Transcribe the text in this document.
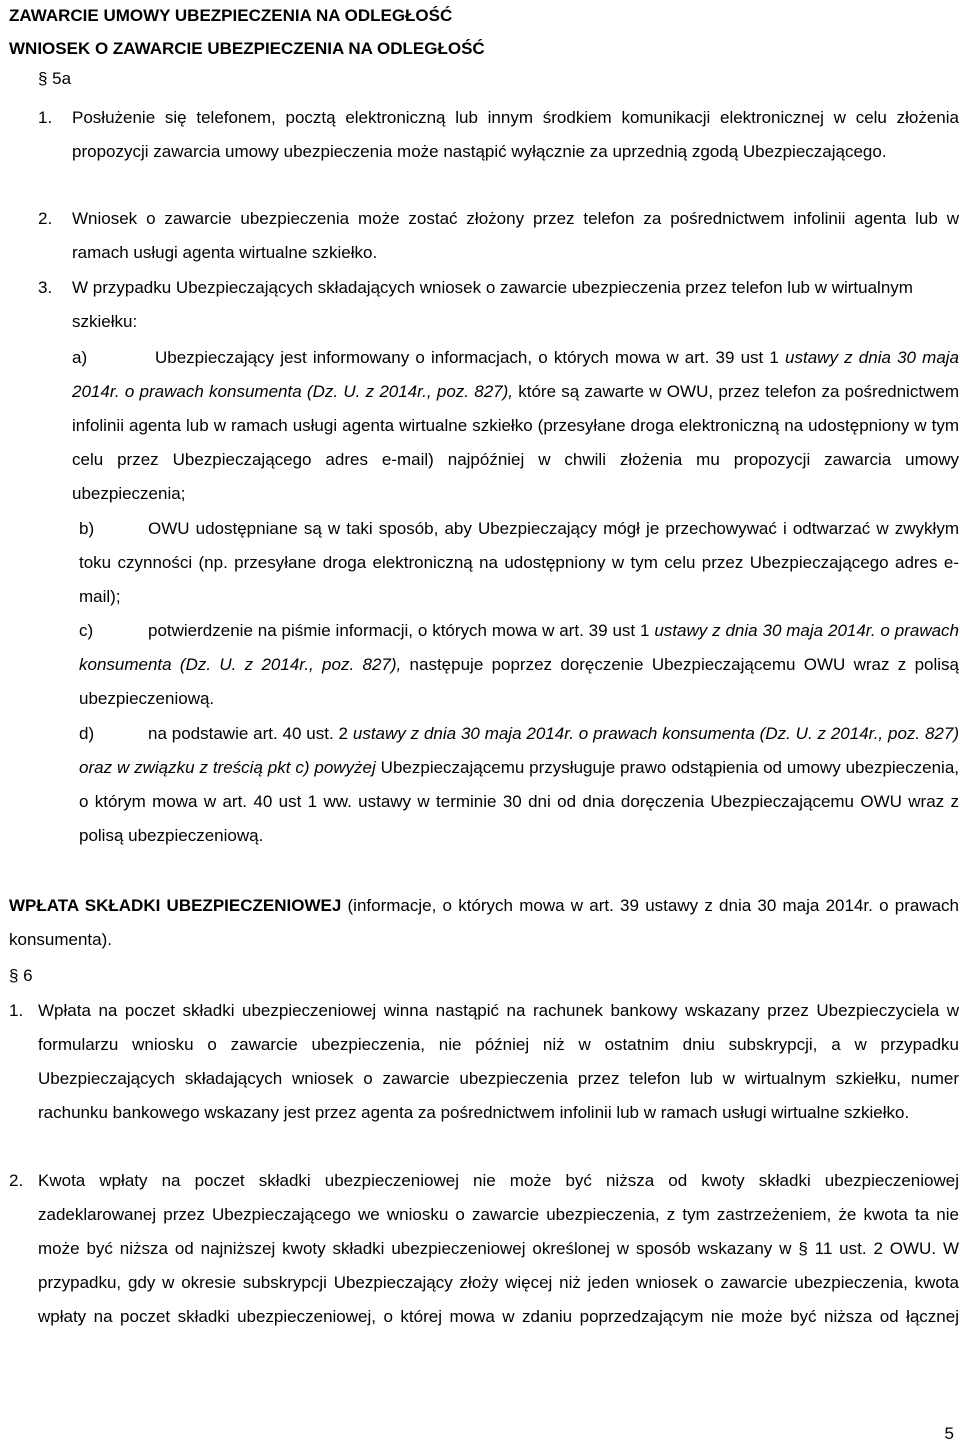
ZAWARCIE UMOWY UBEZPIECZENIA NA ODLEGŁOŚĆ
WNIOSEK O ZAWARCIE UBEZPIECZENIA NA ODLEGŁOŚĆ
§ 5a
1. Posłużenie się telefonem, pocztą elektroniczną lub innym środkiem komunikacji elektronicznej w celu złożenia propozycji zawarcia umowy ubezpieczenia może nastąpić wyłącznie za uprzednią zgodą Ubezpieczającego.
2. Wniosek o zawarcie ubezpieczenia może zostać złożony przez telefon za pośrednictwem infolinii agenta lub w ramach usługi agenta wirtualne szkiełko.
3. W przypadku Ubezpieczających składających wniosek o zawarcie ubezpieczenia przez telefon lub w wirtualnym szkiełku:
a)	Ubezpieczający jest informowany o informacjach, o których mowa w art. 39 ust 1 ustawy z dnia 30 maja 2014r. o prawach konsumenta (Dz. U. z 2014r., poz. 827), które są zawarte w OWU, przez telefon za pośrednictwem infolinii agenta lub w ramach usługi agenta wirtualne szkiełko (przesyłane droga elektroniczną na udostępniony w tym celu przez Ubezpieczającego adres e-mail) najpóźniej w chwili złożenia mu propozycji zawarcia umowy ubezpieczenia;
b)	OWU udostępniane są w taki sposób, aby Ubezpieczający mógł je przechowywać i odtwarzać w zwykłym toku czynności (np. przesyłane droga elektroniczną na udostępniony w tym celu przez Ubezpieczającego adres e-mail);
c)	potwierdzenie na piśmie informacji, o których mowa w art. 39 ust 1 ustawy z dnia 30 maja 2014r. o prawach konsumenta (Dz. U. z 2014r., poz. 827), następuje poprzez doręczenie Ubezpieczającemu OWU wraz z polisą ubezpieczeniową.
d)	na podstawie art. 40 ust. 2 ustawy z dnia 30 maja 2014r. o prawach konsumenta (Dz. U. z 2014r., poz. 827) oraz w związku z treścią pkt c) powyżej Ubezpieczającemu przysługuje prawo odstąpienia od umowy ubezpieczenia, o którym mowa w art. 40 ust 1 ww. ustawy w terminie 30 dni od dnia doręczenia Ubezpieczającemu OWU wraz z polisą ubezpieczeniową.
WPŁATA SKŁADKI UBEZPIECZENIOWEJ (informacje, o których mowa w art. 39 ustawy z dnia 30 maja 2014r. o prawach konsumenta).
§ 6
1. Wpłata na poczet składki ubezpieczeniowej winna nastąpić na rachunek bankowy wskazany przez Ubezpieczyciela w formularzu wniosku o zawarcie ubezpieczenia, nie później niż w ostatnim dniu subskrypcji, a w przypadku Ubezpieczających składających wniosek o zawarcie ubezpieczenia przez telefon lub w wirtualnym szkiełku, numer rachunku bankowego wskazany jest przez agenta za pośrednictwem infolinii lub w ramach usługi wirtualne szkiełko.
2. Kwota wpłaty na poczet składki ubezpieczeniowej nie może być niższa od kwoty składki ubezpieczeniowej zadeklarowanej przez Ubezpieczającego we wniosku o zawarcie ubezpieczenia, z tym zastrzeżeniem, że kwota ta nie może być niższa od najniższej kwoty składki ubezpieczeniowej określonej w sposób wskazany w § 11 ust. 2 OWU. W przypadku, gdy w okresie subskrypcji Ubezpieczający złoży więcej niż jeden wniosek o zawarcie ubezpieczenia, kwota wpłaty na poczet składki ubezpieczeniowej, o której mowa w zdaniu poprzedzającym nie może być niższa od łącznej
5
